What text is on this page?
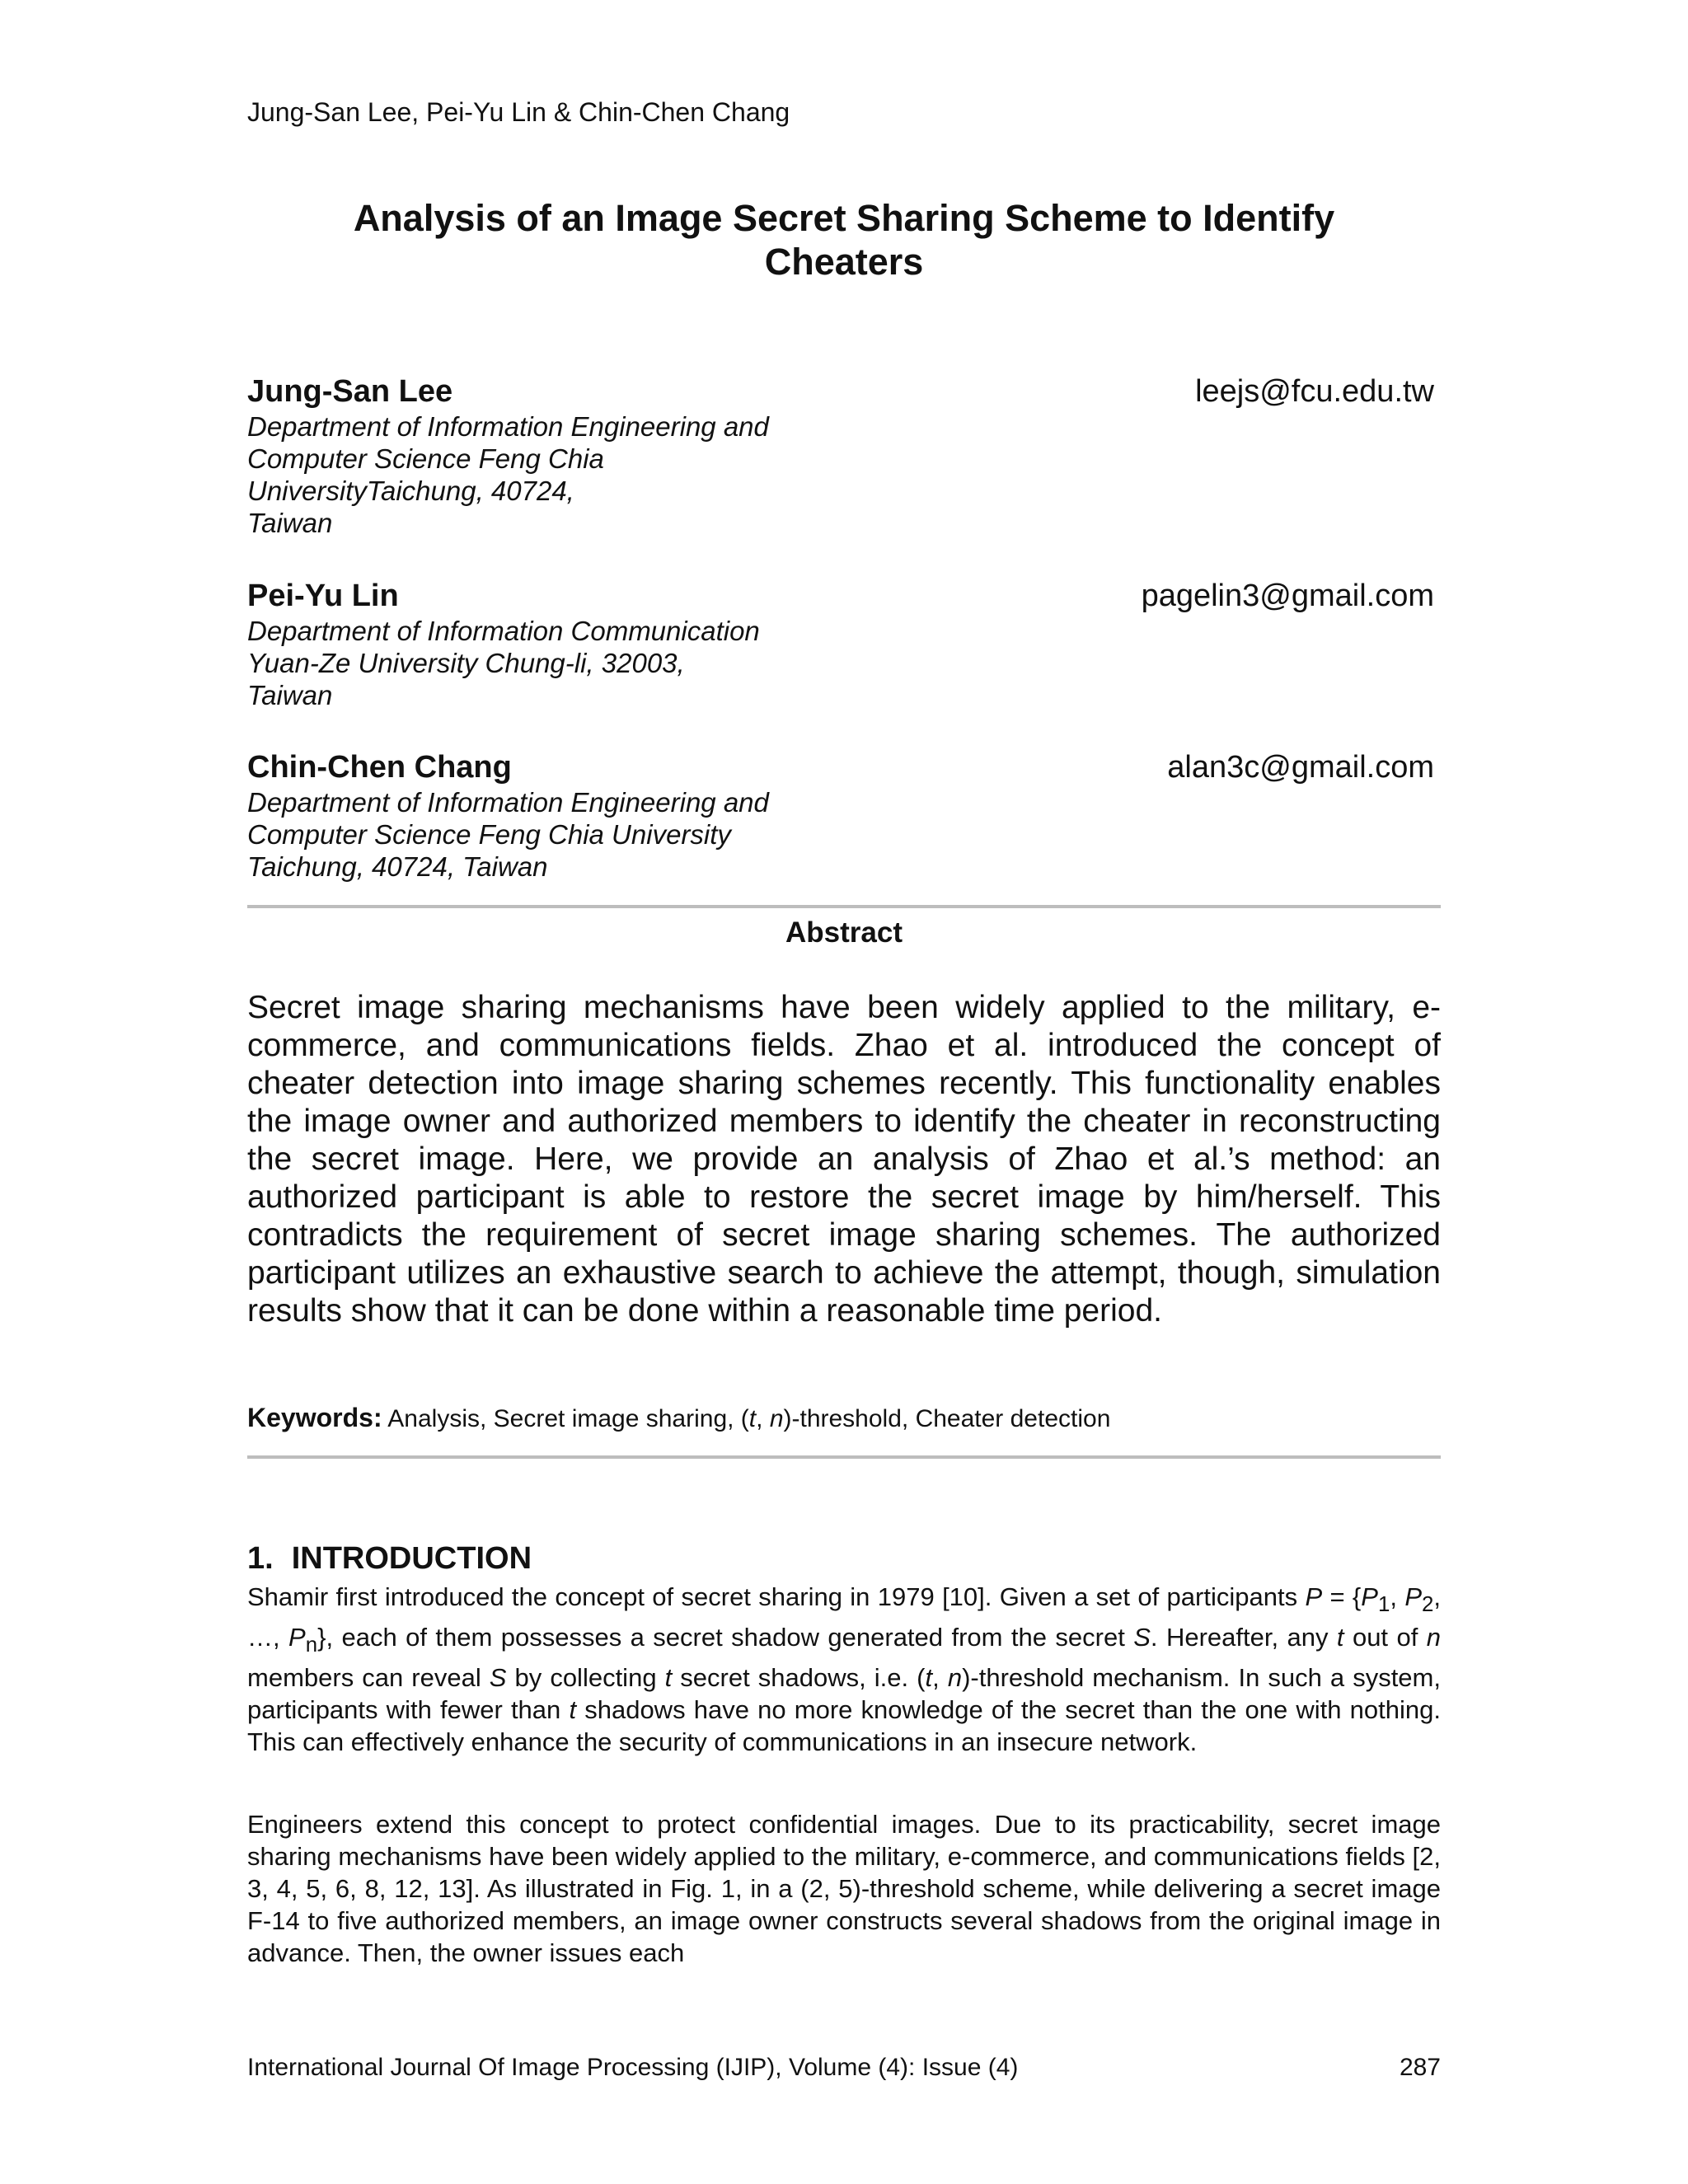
Jung-San Lee, Pei-Yu Lin & Chin-Chen Chang
Analysis of an Image Secret Sharing Scheme to Identify
Cheaters
Jung-San Lee	leejs@fcu.edu.tw
Department of Information Engineering and
Computer Science Feng Chia
UniversityTaichung, 40724,
Taiwan
Pei-Yu Lin	pagelin3@gmail.com
Department of Information Communication
Yuan-Ze University Chung-li, 32003,
Taiwan
Chin-Chen Chang	alan3c@gmail.com
Department of Information Engineering and
Computer Science Feng Chia University
Taichung, 40724, Taiwan
Abstract
Secret image sharing mechanisms have been widely applied to the military, e-commerce, and communications fields. Zhao et al. introduced the concept of cheater detection into image sharing schemes recently. This functionality enables the image owner and authorized members to identify the cheater in reconstructing the secret image. Here, we provide an analysis of Zhao et al.’s method: an authorized participant is able to restore the secret image by him/herself. This contradicts the requirement of secret image sharing schemes. The authorized participant utilizes an exhaustive search to achieve the attempt, though, simulation results show that it can be done within a reasonable time period.
Keywords: Analysis, Secret image sharing, (t, n)-threshold, Cheater detection
1. INTRODUCTION
Shamir first introduced the concept of secret sharing in 1979 [10]. Given a set of participants $P = \{P_1$, $P_2$, …, $P_n$}, each of them possesses a secret shadow generated from the secret S. Hereafter, any t out of n members can reveal S by collecting t secret shadows, i.e. (t, n)-threshold mechanism. In such a system, participants with fewer than t shadows have no more knowledge of the secret than the one with nothing. This can effectively enhance the security of communications in an insecure network.
Engineers extend this concept to protect confidential images. Due to its practicability, secret image sharing mechanisms have been widely applied to the military, e-commerce, and communications fields [2, 3, 4, 5, 6, 8, 12, 13]. As illustrated in Fig. 1, in a (2, 5)-threshold scheme, while delivering a secret image F-14 to five authorized members, an image owner constructs several shadows from the original image in advance. Then, the owner issues each
International Journal Of Image Processing (IJIP), Volume (4): Issue (4)	287
